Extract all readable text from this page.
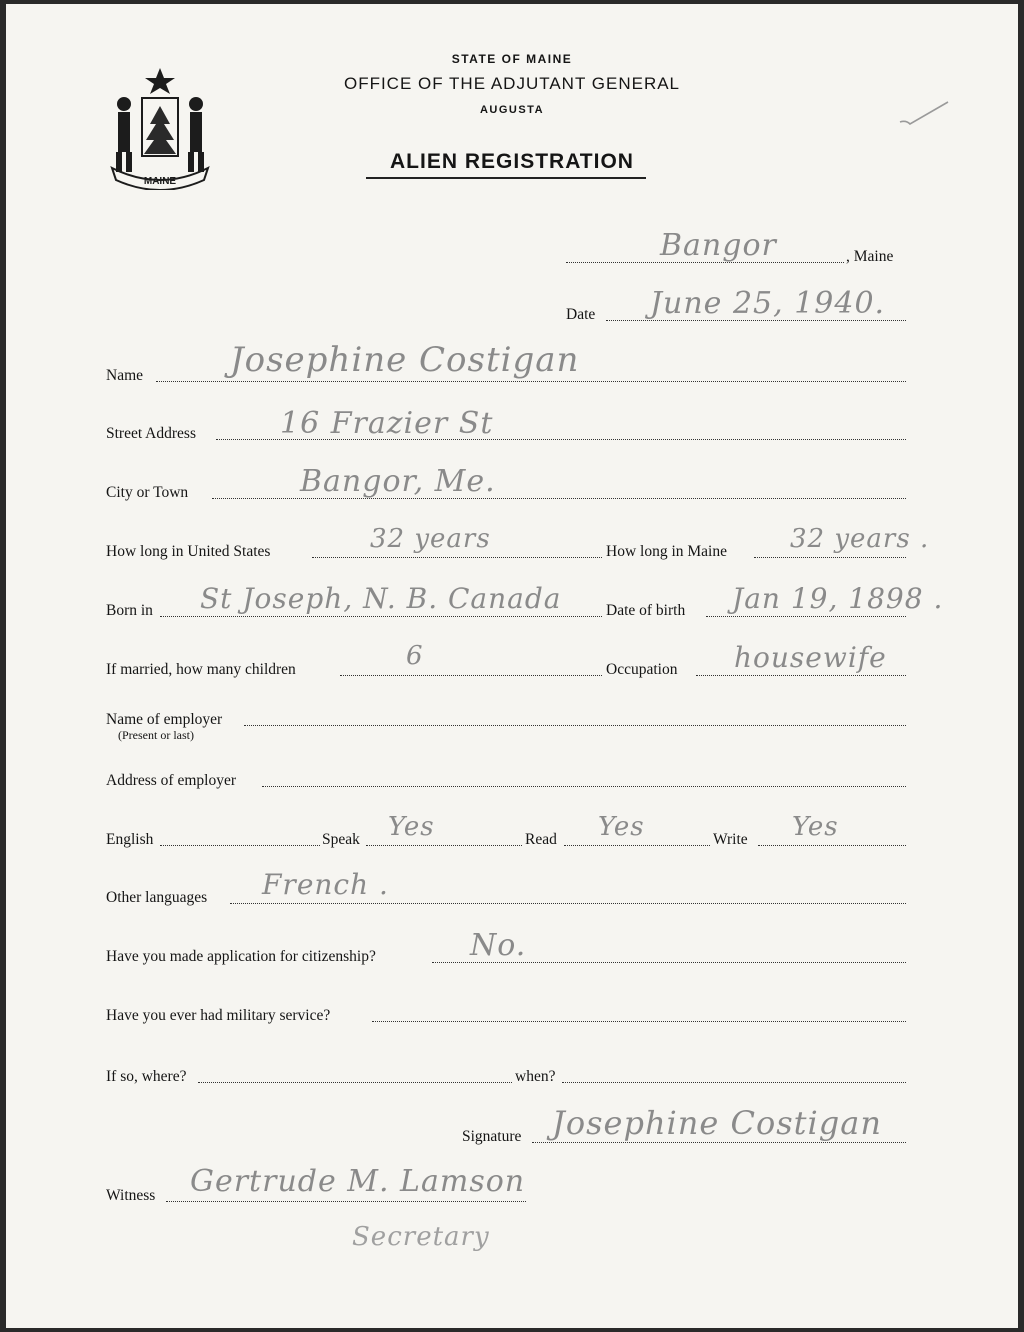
MAINE
STATE OF MAINE
OFFICE OF THE ADJUTANT GENERAL
AUGUSTA
ALIEN REGISTRATION
Bangor	, Maine
Date June 25, 1940.
Name	Josephine Costigan
Street Address	16 Frazier St
City or Town	Bangor, Me.
How long in United States	32 years	How long in Maine 32 years .
Born in St Joseph, N. B. Canada	Date of birth Jan 19, 1898 .
If married, how many children	6	Occupation housewife
Name of employer
(Present or last)
Address of employer
English	Speak Yes	Read Yes	Write Yes
Other languages French .
Have you made application for citizenship?	No.
Have you ever had military service?
If so, where?	when?
Signature Josephine Costigan
Witness Gertrude M. Lamson
Secretary
